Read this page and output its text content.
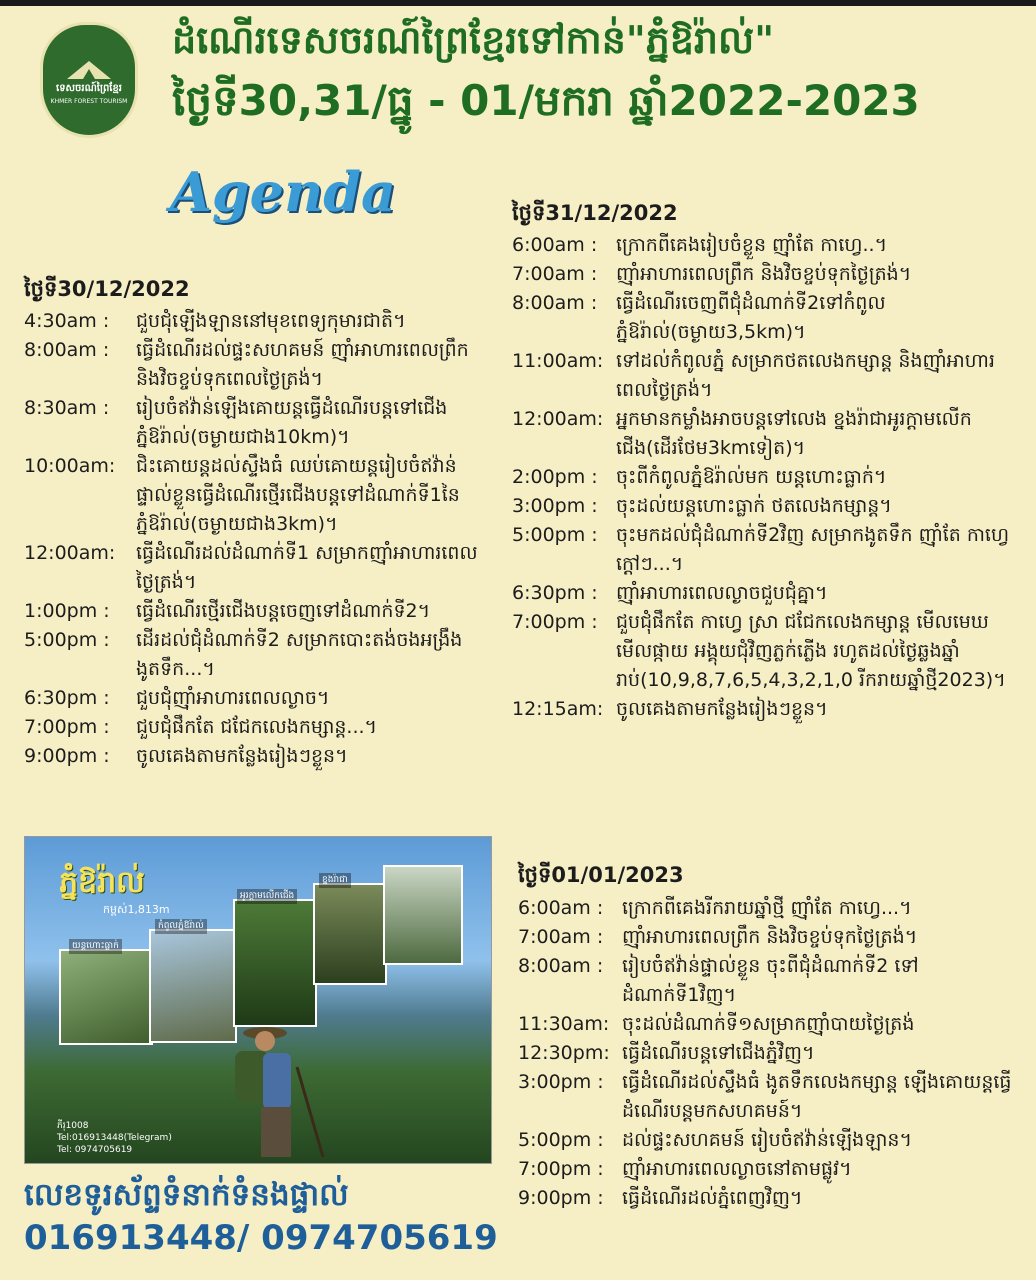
ទេសចរណ៍ព្រៃខ្មែរ
KHMER FOREST TOURISM
ដំណើរទេសចរណ៍ព្រៃខ្មែរទៅកាន់"ភ្នំឱរ៉ាល់"
ថ្ងៃទី30,31/ធ្នូ - 01/មករា ឆ្នាំ2022-2023
Agenda
ថ្ងៃទី30/12/2022
4:30am :	ជួបជុំឡើងឡាននៅមុខពេទ្យកុមារជាតិ។
8:00am :	ធ្វើដំណើរដល់ផ្ទះសហគមន៍ ញ៉ាំអាហារពេលព្រឹក និងវិចខ្ចប់ទុកពេលថ្ងៃត្រង់។
8:30am :	រៀបចំឥវ៉ាន់ឡើងគោយន្តធ្វើដំណើរបន្តទៅជើងភ្នំឱរ៉ាល់(ចម្ងាយជាង10km)។
10:00am:	ជិះគោយន្តដល់ស្ទឹងធំ ឈប់គោយន្តរៀបចំឥវ៉ាន់ផ្ទាល់ខ្លួនធ្វើដំណើរថ្មើរជើងបន្តទៅដំណាក់ទី1នៃភ្នំឱរ៉ាល់(ចម្ងាយជាង3km)។
12:00am:	ធ្វើដំណើរដល់ដំណាក់ទី1 សម្រាកញ៉ាំអាហារពេលថ្ងៃត្រង់។
1:00pm :	ធ្វើដំណើរថ្មើរជើងបន្តចេញទៅដំណាក់ទី2។
5:00pm :	ដើរដល់ជុំដំណាក់ទី2 សម្រាកបោះតង់ចងអង្រឹង ងូតទឹក...។
6:30pm :	ជួបជុំញ៉ាំអាហារពេលល្ងាច។
7:00pm :	ជួបជុំផឹកតែ ជជែកលេងកម្សាន្ត...។
9:00pm :	ចូលគេងតាមកន្លែងរៀងៗខ្លួន។
ថ្ងៃទី31/12/2022
6:00am : ក្រោកពីគេងរៀបចំខ្លួន ញ៉ាំតែ កាហ្វេ..។
7:00am : ញ៉ាំអាហារពេលព្រឹក និងវិចខ្ចប់ទុកថ្ងៃត្រង់។
8:00am : ធ្វើដំណើរចេញពីជុំដំណាក់ទី2ទៅកំពូលភ្នំឱរ៉ាល់(ចម្ងាយ3,5km)។
11:00am: ទៅដល់កំពូលភ្នំ សម្រាកថតលេងកម្សាន្ត និងញ៉ាំអាហារពេលថ្ងៃត្រង់។
12:00am: អ្នកមានកម្លាំងអាចបន្តទៅលេង ខ្នងរ៉ាជាអូរក្ដាមលើកជើង(ដើរថែម3kmទៀត)។
2:00pm : ចុះពីកំពូលភ្នំឱរ៉ាល់មក យន្តហោះធ្លាក់។
3:00pm : ចុះដល់យន្តហោះធ្លាក់ ថតលេងកម្សាន្ត។
5:00pm : ចុះមកដល់ជុំដំណាក់ទី2វិញ សម្រាកងូតទឹក ញ៉ាំតែ កាហ្វេក្ដៅៗ...។
6:30pm : ញ៉ាំអាហារពេលល្ងាចជួបជុំគ្នា។
7:00pm : ជួបជុំផឹកតែ កាហ្វេ ស្រា ជជែកលេងកម្សាន្ត មើលមេឃ មើលផ្កាយ អង្គុយជុំវិញភ្លក់ភ្លើង រហូតដល់ថ្ងៃឆ្លងឆ្នាំរាប់(10,9,8,7,6,5,4,3,2,1,0 រីករាយឆ្នាំថ្មី2023)។
12:15am: ចូលគេងតាមកន្លែងរៀងៗខ្លួន។
ថ្ងៃទី01/01/2023
6:00am : ក្រោកពីគេងរីករាយឆ្នាំថ្មី ញ៉ាំតែ កាហ្វេ...។
7:00am : ញ៉ាំអាហារពេលព្រឹក និងវិចខ្ចប់ទុកថ្ងៃត្រង់។
8:00am : រៀបចំឥវ៉ាន់ផ្ទាល់ខ្លួន ចុះពីជុំដំណាក់ទី2 ទៅដំណាក់ទី1វិញ។
11:30am: ចុះដល់ដំណាក់ទី១សម្រាកញ៉ាំបាយថ្ងៃត្រង់
12:30pm: ធ្វើដំណើរបន្តទៅជើងភ្នំវិញ។
3:00pm : ធ្វើដំណើរដល់ស្ទឹងធំ ងូតទឹកលេងកម្សាន្ត ឡើងគោយន្តធ្វើដំណើរបន្តមកសហគមន៍។
5:00pm : ដល់ផ្ទះសហគមន៍ រៀបចំឥវ៉ាន់ឡើងឡាន។
7:00pm : ញ៉ាំអាហារពេលល្ងាចនៅតាមផ្លូវ។
9:00pm : ធ្វើដំណើរដល់ភ្នំពេញវិញ។
ភ្នំឱរ៉ាល់
កម្ពស់1,813m
យន្តហោះធ្លាក់
កំពូលភ្នំឱរ៉ាល់
អូរក្ដាមលើកជើង
ខ្នងរ៉ាជា
ភីរុ1008
Tel:016913448(Telegram)
Tel: 0974705619
លេខទូរស័ព្ទទំនាក់ទំនងផ្ទាល់
016913448/ 0974705619
